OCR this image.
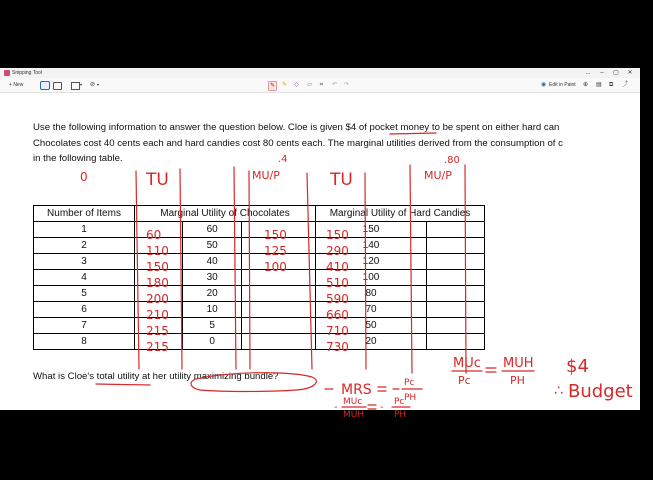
Snipping Tool	...	–	▢	✕
+ New	▾ ⊘ ▾	✎	✎ ◇ ▱ ⌗	↶ ↷	◉ Edit in Paint ⊕ ▤ ⧉ ⤴
Use the following information to answer the question below. Cloe is given $4 of pocket money to be spent on either hard can
Chocolates cost 40 cents each and hard candies cost 80 cents each. The marginal utilities derived from the consumption of c
in the following table.
Number of Items	Marginal Utility of Chocolates			Marginal Utility of Hard Candies	
1		60		150	
2		50		140	
3		40		120	
4		30		100	
5		20		80	
6		10		70	
7		5		50	
8		0		20	
What is Cloe's total utility at her utility maximizing bundle?
0	TU	MU/P
.4
TU	MU/P
.80
$4
Budget
∴
MRS	Pc
PH
MUc
MUH
Pc
PH
MUc
Pc
MUH
PH
-	-
60
110
150
180
200
210
215
215
150
125
100
150
290
410
510
590
660
710
730
